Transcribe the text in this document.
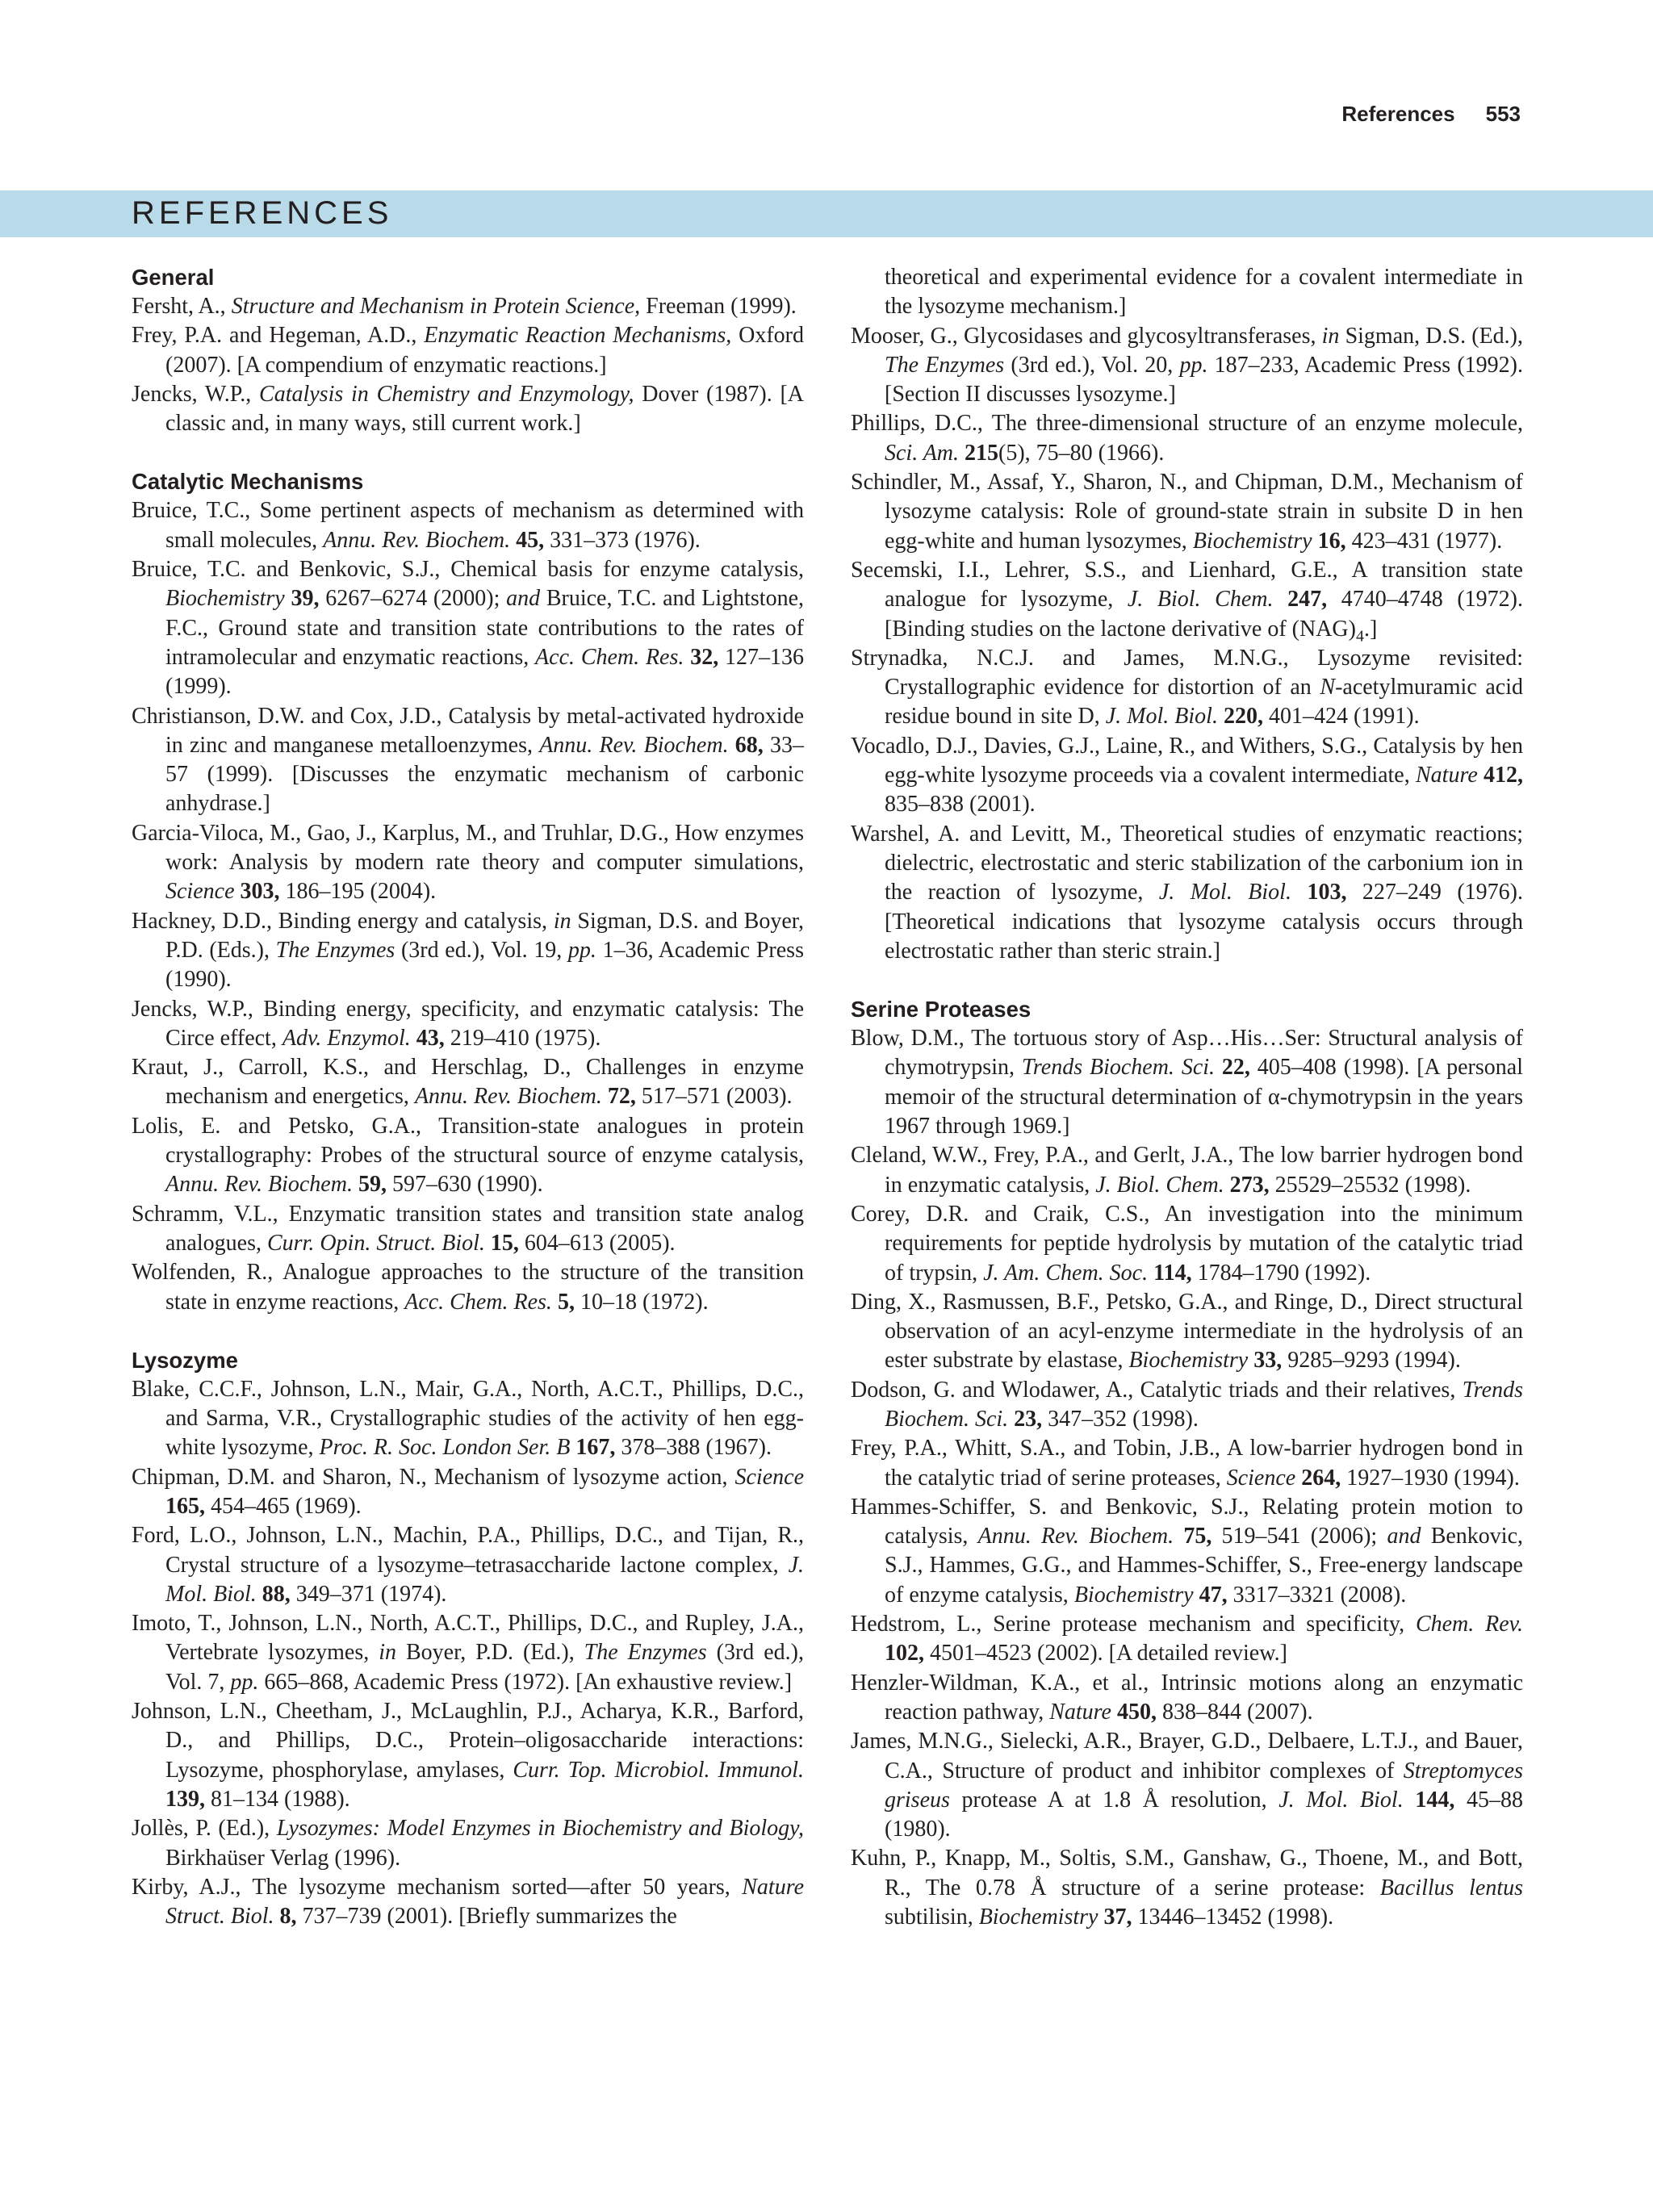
References 553
REFERENCES
General
Fersht, A., Structure and Mechanism in Protein Science, Freeman (1999).
Frey, P.A. and Hegeman, A.D., Enzymatic Reaction Mechanisms, Oxford (2007). [A compendium of enzymatic reactions.]
Jencks, W.P., Catalysis in Chemistry and Enzymology, Dover (1987). [A classic and, in many ways, still current work.]
Catalytic Mechanisms
Bruice, T.C., Some pertinent aspects of mechanism as determined with small molecules, Annu. Rev. Biochem. 45, 331–373 (1976).
Bruice, T.C. and Benkovic, S.J., Chemical basis for enzyme catalysis, Biochemistry 39, 6267–6274 (2000); and Bruice, T.C. and Lightstone, F.C., Ground state and transition state contributions to the rates of intramolecular and enzymatic reactions, Acc. Chem. Res. 32, 127–136 (1999).
Christianson, D.W. and Cox, J.D., Catalysis by metal-activated hydroxide in zinc and manganese metalloenzymes, Annu. Rev. Biochem. 68, 33–57 (1999). [Discusses the enzymatic mechanism of carbonic anhydrase.]
Garcia-Viloca, M., Gao, J., Karplus, M., and Truhlar, D.G., How enzymes work: Analysis by modern rate theory and computer simulations, Science 303, 186–195 (2004).
Hackney, D.D., Binding energy and catalysis, in Sigman, D.S. and Boyer, P.D. (Eds.), The Enzymes (3rd ed.), Vol. 19, pp. 1–36, Academic Press (1990).
Jencks, W.P., Binding energy, specificity, and enzymatic catalysis: The Circe effect, Adv. Enzymol. 43, 219–410 (1975).
Kraut, J., Carroll, K.S., and Herschlag, D., Challenges in enzyme mechanism and energetics, Annu. Rev. Biochem. 72, 517–571 (2003).
Lolis, E. and Petsko, G.A., Transition-state analogues in protein crystallography: Probes of the structural source of enzyme catalysis, Annu. Rev. Biochem. 59, 597–630 (1990).
Schramm, V.L., Enzymatic transition states and transition state analog analogues, Curr. Opin. Struct. Biol. 15, 604–613 (2005).
Wolfenden, R., Analogue approaches to the structure of the transition state in enzyme reactions, Acc. Chem. Res. 5, 10–18 (1972).
Lysozyme
Blake, C.C.F., Johnson, L.N., Mair, G.A., North, A.C.T., Phillips, D.C., and Sarma, V.R., Crystallographic studies of the activity of hen egg-white lysozyme, Proc. R. Soc. London Ser. B 167, 378–388 (1967).
Chipman, D.M. and Sharon, N., Mechanism of lysozyme action, Science 165, 454–465 (1969).
Ford, L.O., Johnson, L.N., Machin, P.A., Phillips, D.C., and Tijan, R., Crystal structure of a lysozyme–tetrasaccharide lactone complex, J. Mol. Biol. 88, 349–371 (1974).
Imoto, T., Johnson, L.N., North, A.C.T., Phillips, D.C., and Rupley, J.A., Vertebrate lysozymes, in Boyer, P.D. (Ed.), The Enzymes (3rd ed.), Vol. 7, pp. 665–868, Academic Press (1972). [An exhaustive review.]
Johnson, L.N., Cheetham, J., McLaughlin, P.J., Acharya, K.R., Barford, D., and Phillips, D.C., Protein–oligosaccharide interactions: Lysozyme, phosphorylase, amylases, Curr. Top. Microbiol. Immunol. 139, 81–134 (1988).
Jollès, P. (Ed.), Lysozymes: Model Enzymes in Biochemistry and Biology, Birkhaüser Verlag (1996).
Kirby, A.J., The lysozyme mechanism sorted—after 50 years, Nature Struct. Biol. 8, 737–739 (2001). [Briefly summarizes the
theoretical and experimental evidence for a covalent intermediate in the lysozyme mechanism.]
Mooser, G., Glycosidases and glycosyltransferases, in Sigman, D.S. (Ed.), The Enzymes (3rd ed.), Vol. 20, pp. 187–233, Academic Press (1992). [Section II discusses lysozyme.]
Phillips, D.C., The three-dimensional structure of an enzyme molecule, Sci. Am. 215(5), 75–80 (1966).
Schindler, M., Assaf, Y., Sharon, N., and Chipman, D.M., Mechanism of lysozyme catalysis: Role of ground-state strain in subsite D in hen egg-white and human lysozymes, Biochemistry 16, 423–431 (1977).
Secemski, I.I., Lehrer, S.S., and Lienhard, G.E., A transition state analogue for lysozyme, J. Biol. Chem. 247, 4740–4748 (1972). [Binding studies on the lactone derivative of $(NAG)_4$.]
Strynadka, N.C.J. and James, M.N.G., Lysozyme revisited: Crystallographic evidence for distortion of an N-acetylmuramic acid residue bound in site D, J. Mol. Biol. 220, 401–424 (1991).
Vocadlo, D.J., Davies, G.J., Laine, R., and Withers, S.G., Catalysis by hen egg-white lysozyme proceeds via a covalent intermediate, Nature 412, 835–838 (2001).
Warshel, A. and Levitt, M., Theoretical studies of enzymatic reactions; dielectric, electrostatic and steric stabilization of the carbonium ion in the reaction of lysozyme, J. Mol. Biol. 103, 227–249 (1976). [Theoretical indications that lysozyme catalysis occurs through electrostatic rather than steric strain.]
Serine Proteases
Blow, D.M., The tortuous story of Asp…His…Ser: Structural analysis of chymotrypsin, Trends Biochem. Sci. 22, 405–408 (1998). [A personal memoir of the structural determination of α-chymotrypsin in the years 1967 through 1969.]
Cleland, W.W., Frey, P.A., and Gerlt, J.A., The low barrier hydrogen bond in enzymatic catalysis, J. Biol. Chem. 273, 25529–25532 (1998).
Corey, D.R. and Craik, C.S., An investigation into the minimum requirements for peptide hydrolysis by mutation of the catalytic triad of trypsin, J. Am. Chem. Soc. 114, 1784–1790 (1992).
Ding, X., Rasmussen, B.F., Petsko, G.A., and Ringe, D., Direct structural observation of an acyl-enzyme intermediate in the hydrolysis of an ester substrate by elastase, Biochemistry 33, 9285–9293 (1994).
Dodson, G. and Wlodawer, A., Catalytic triads and their relatives, Trends Biochem. Sci. 23, 347–352 (1998).
Frey, P.A., Whitt, S.A., and Tobin, J.B., A low-barrier hydrogen bond in the catalytic triad of serine proteases, Science 264, 1927–1930 (1994).
Hammes-Schiffer, S. and Benkovic, S.J., Relating protein motion to catalysis, Annu. Rev. Biochem. 75, 519–541 (2006); and Benkovic, S.J., Hammes, G.G., and Hammes-Schiffer, S., Free-energy landscape of enzyme catalysis, Biochemistry 47, 3317–3321 (2008).
Hedstrom, L., Serine protease mechanism and specificity, Chem. Rev. 102, 4501–4523 (2002). [A detailed review.]
Henzler-Wildman, K.A., et al., Intrinsic motions along an enzymatic reaction pathway, Nature 450, 838–844 (2007).
James, M.N.G., Sielecki, A.R., Brayer, G.D., Delbaere, L.T.J., and Bauer, C.A., Structure of product and inhibitor complexes of Streptomyces griseus protease A at 1.8 Å resolution, J. Mol. Biol. 144, 45–88 (1980).
Kuhn, P., Knapp, M., Soltis, S.M., Ganshaw, G., Thoene, M., and Bott, R., The 0.78 Å structure of a serine protease: Bacillus lentus subtilisin, Biochemistry 37, 13446–13452 (1998).
